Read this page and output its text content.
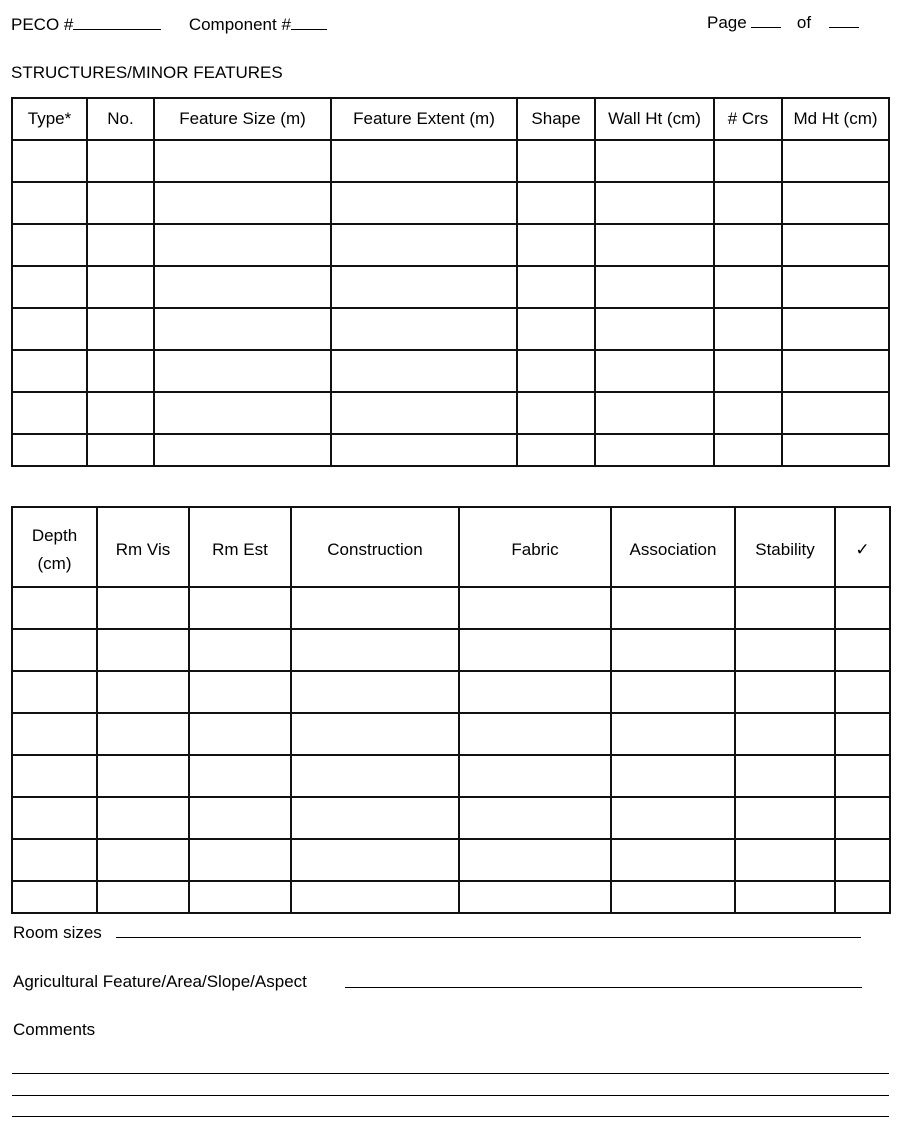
PECO #	Component #	Page	of
STRUCTURES/MINOR FEATURES
Type*	No.	Feature Size (m)	Feature Extent (m)	Shape	Wall Ht (cm)	# Crs	Md Ht (cm)

Depth
(cm)	Rm Vis	Rm Est	Construction	Fabric	Association	Stability	✓

Room sizes
Agricultural Feature/Area/Slope/Aspect
Comments
